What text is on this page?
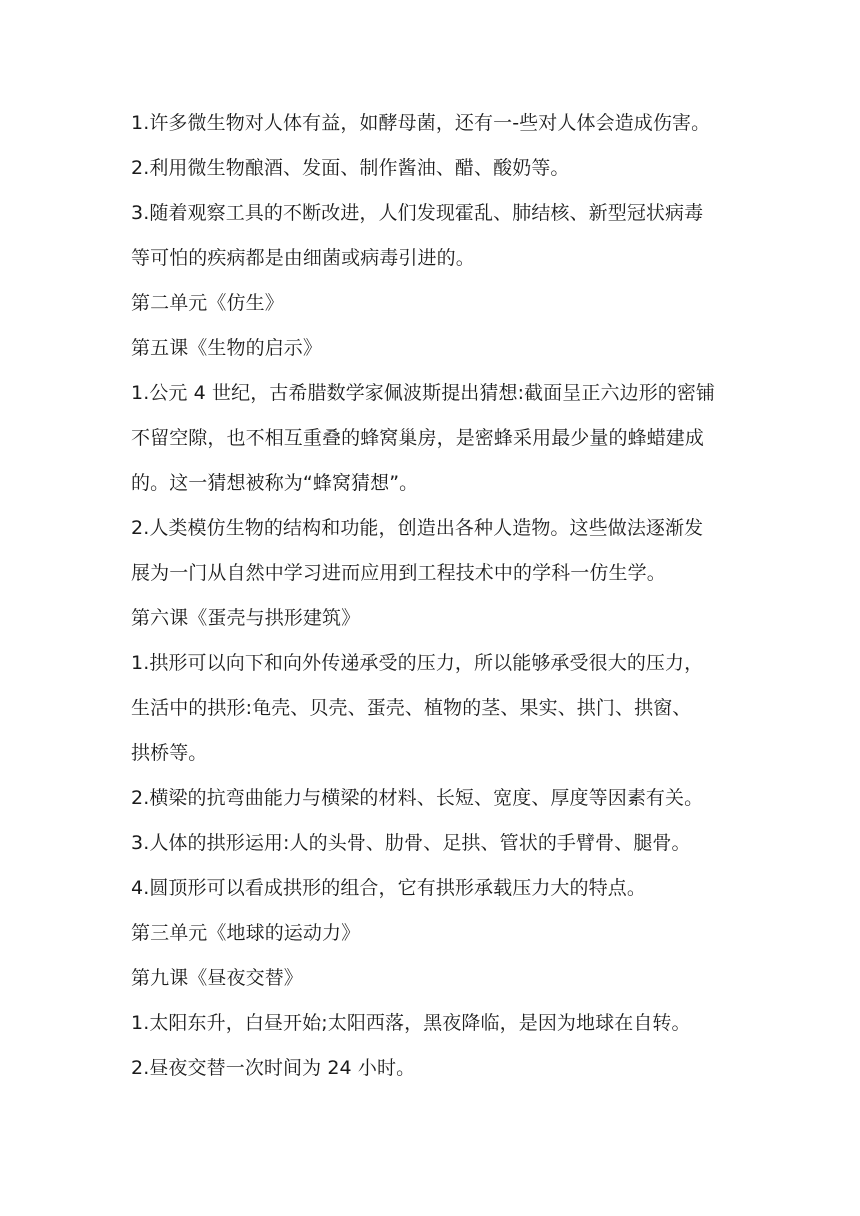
1.许多微生物对人体有益，如酵母菌，还有一-些对人体会造成伤害。
2.利用微生物酿酒、发面、制作酱油、醋、酸奶等。
3.随着观察工具的不断改进，人们发现霍乱、肺结核、新型冠状病毒
等可怕的疾病都是由细菌或病毒引进的。
第二单元《仿生》
第五课《生物的启示》
1.公元 4 世纪，古希腊数学家佩波斯提出猜想:截面呈正六边形的密铺
不留空隙，也不相互重叠的蜂窝巢房，是密蜂采用最少量的蜂蜡建成
的。这一猜想被称为“蜂窝猜想”。
2.人类模仿生物的结构和功能，创造出各种人造物。这些做法逐渐发
展为一门从自然中学习进而应用到工程技术中的学科一仿生学。
第六课《蛋壳与拱形建筑》
1.拱形可以向下和向外传递承受的压力，所以能够承受很大的压力，
生活中的拱形:龟壳、贝壳、蛋壳、植物的茎、果实、拱门、拱窗、
拱桥等。
2.横梁的抗弯曲能力与横梁的材料、长短、宽度、厚度等因素有关。
3.人体的拱形运用:人的头骨、肋骨、足拱、管状的手臂骨、腿骨。
4.圆顶形可以看成拱形的组合，它有拱形承载压力大的特点。
第三单元《地球的运动力》
第九课《昼夜交替》
1.太阳东升，白昼开始;太阳西落，黑夜降临，是因为地球在自转。
2.昼夜交替一次时间为 24 小时。
